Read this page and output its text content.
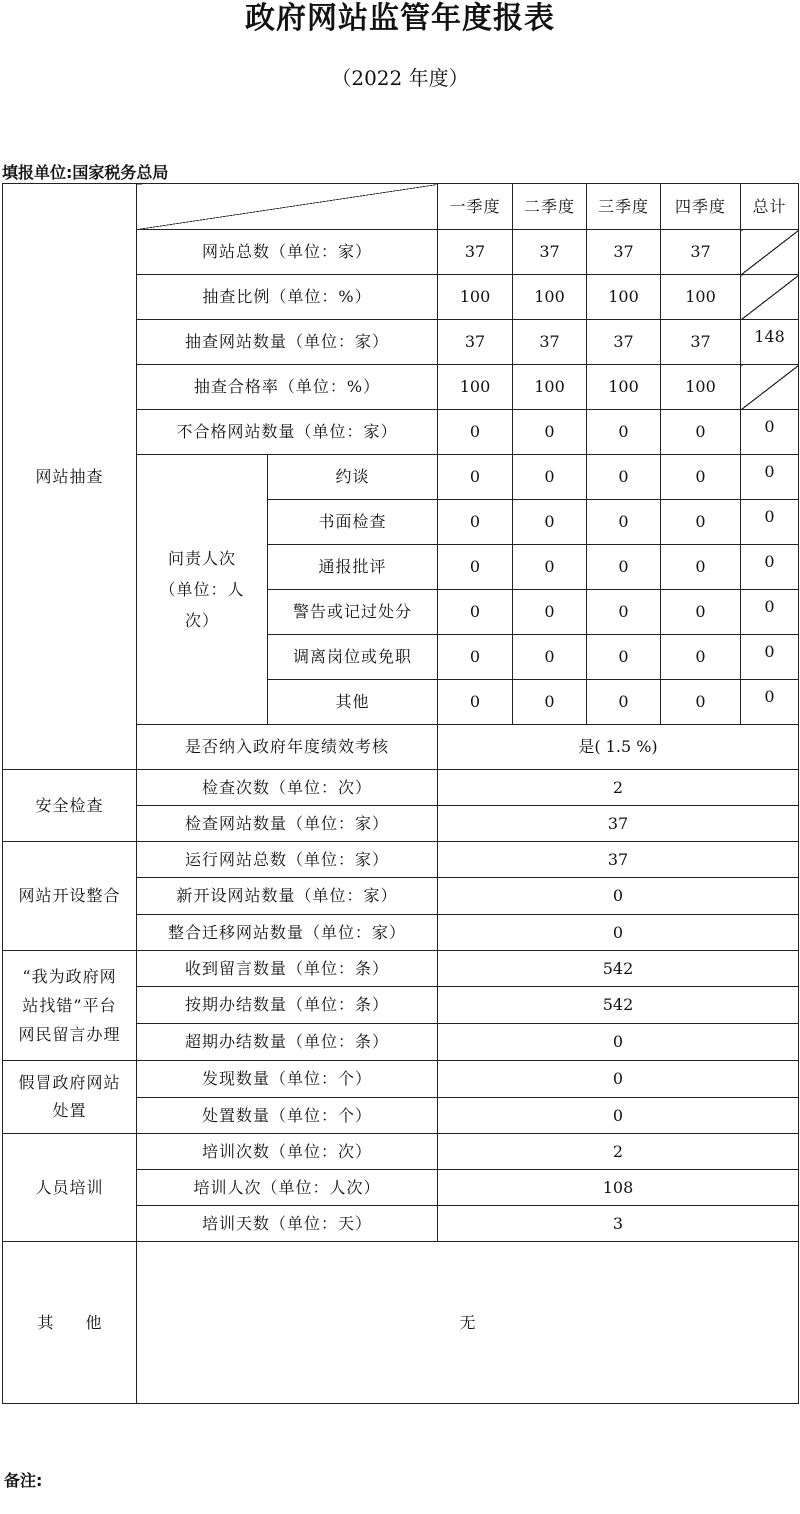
政府网站监管年度报表
（2022 年度）
填报单位:国家税务总局
网站抽查			一季度	二季度	三季度	四季度	总计
	网站总数（单位：家）		37	37	37	37	
	抽查比例（单位：%）		100	100	100	100	
	抽查网站数量（单位：家）		37	37	37	37	148
	抽查合格率（单位：%）		100	100	100	100	
	不合格网站数量（单位：家）		0	0	0	0	0
	问责人次
（单位：人
次）	约谈	0	0	0	0	0
		书面检查	0	0	0	0	0
		通报批评	0	0	0	0	0
		警告或记过处分	0	0	0	0	0
		调离岗位或免职	0	0	0	0	0
		其他	0	0	0	0	0
	是否纳入政府年度绩效考核		是( 1.5 %)				
安全检查	检查次数（单位：次）		2				
	检查网站数量（单位：家）		37				
网站开设整合	运行网站总数（单位：家）		37				
	新开设网站数量（单位：家）		0				
	整合迁移网站数量（单位：家）		0				
“我为政府网
站找错”平台
网民留言办理	收到留言数量（单位：条）		542				
	按期办结数量（单位：条）		542				
	超期办结数量（单位：条）		0				
假冒政府网站
处置	发现数量（单位：个）		0				
	处置数量（单位：个）		0				
人员培训	培训次数（单位：次）		2				
	培训人次（单位：人次）		108				
	培训天数（单位：天）		3				
其　　他	无						
备注:
